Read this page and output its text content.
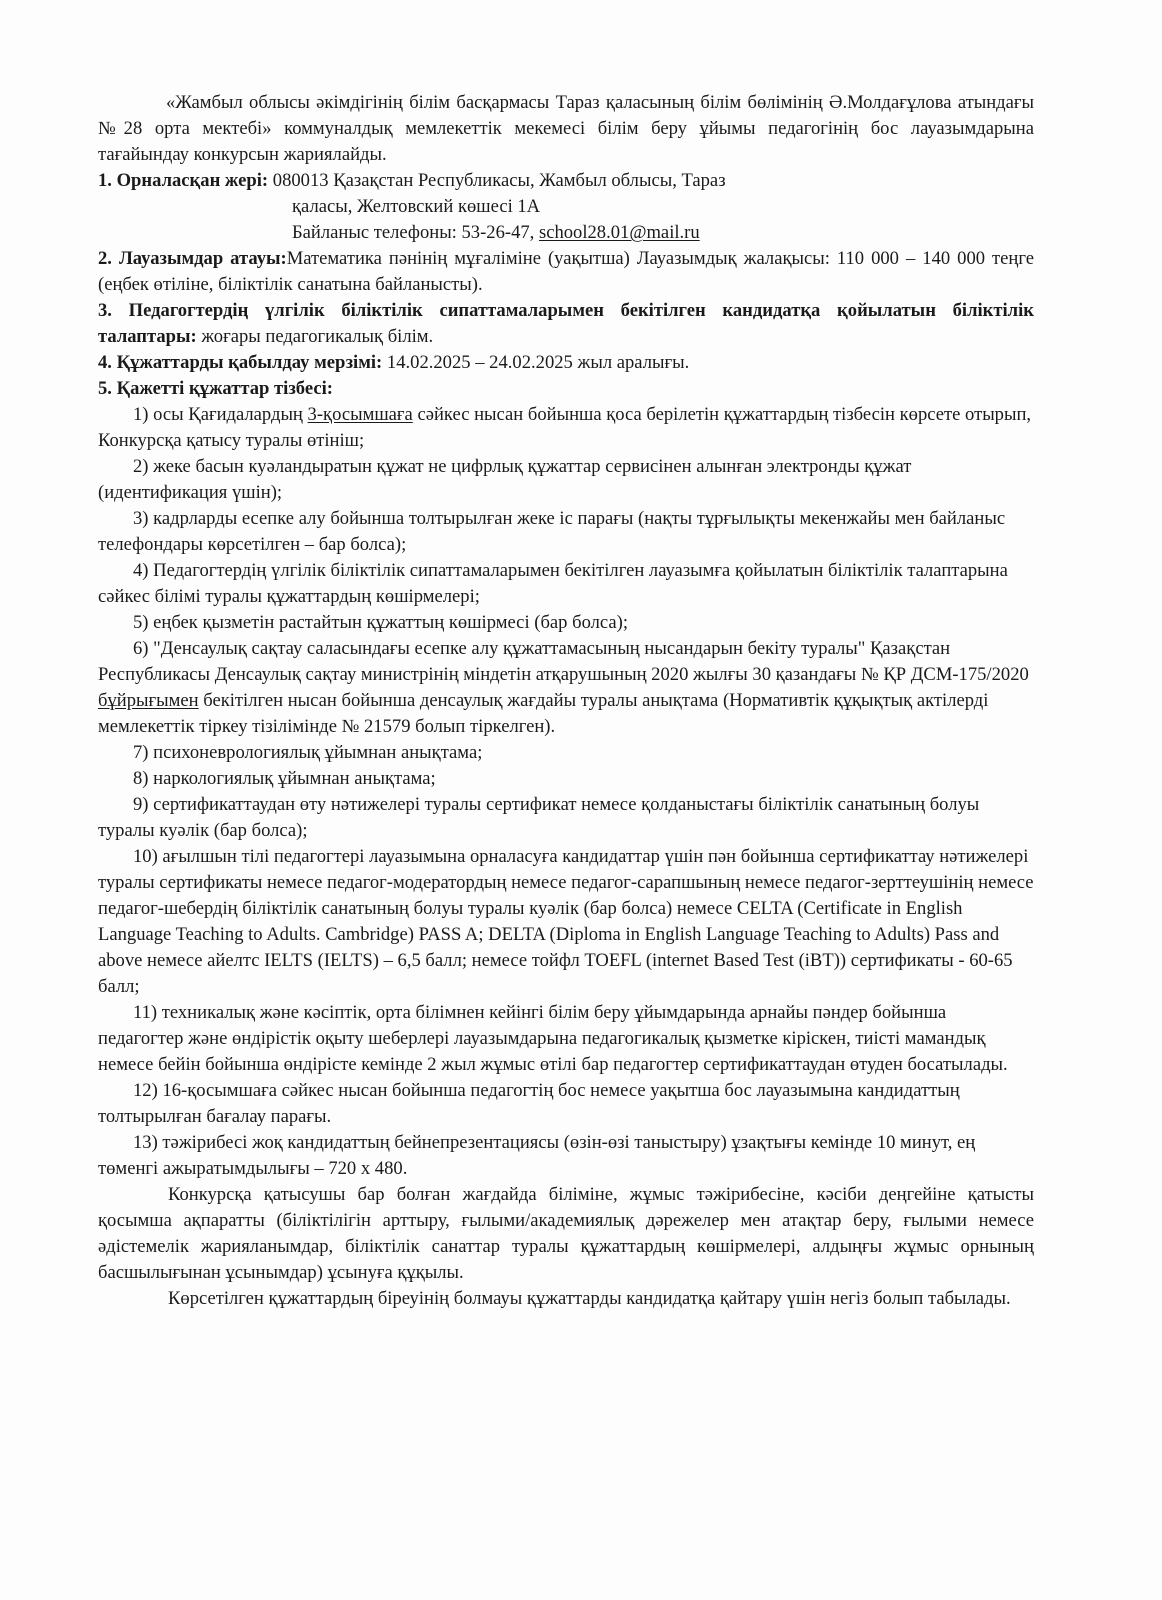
«Жамбыл облысы әкімдігінің білім басқармасы Тараз қаласының білім бөлімінің Ә.Молдағұлова атындағы №28 орта мектебі» коммуналдық мемлекеттік мекемесі білім беру ұйымы педагогінің бос лауазымдарына тағайындау конкурсын жариялайды.

1. Орналасқан жері: 080013 Қазақстан Республикасы, Жамбыл облысы, Тараз

қаласы, Желтовский көшесі 1А

Байланыс телефоны: 53-26-47, school28.01@mail.ru

2. Лауазымдар атауы:Математика пәнінің мұғаліміне (уақытша) Лауазымдық жалақысы: 110 000 – 140 000 теңге (еңбек өтіліне, біліктілік санатына байланысты).

3. Педагогтердің үлгілік біліктілік сипаттамаларымен бекітілген кандидатқа қойылатын біліктілік талаптары: жоғары педагогикалық білім.

4. Құжаттарды қабылдау мерзімі: 14.02.2025 – 24.02.2025 жыл аралығы.

5. Қажетті құжаттар тізбесі:

1) осы Қағидалардың 3-қосымшаға сәйкес нысан бойынша қоса берілетін құжаттардың тізбесін көрсете отырып, Конкурсқа қатысу туралы өтініш;

2) жеке басын куәландыратын құжат не цифрлық құжаттар сервисінен алынған электронды құжат (идентификация үшін);

3) кадрларды есепке алу бойынша толтырылған жеке іс парағы (нақты тұрғылықты мекенжайы мен байланыс телефондары көрсетілген – бар болса);

4) Педагогтердің үлгілік біліктілік сипаттамаларымен бекітілген лауазымға қойылатын біліктілік талаптарына сәйкес білімі туралы құжаттардың көшірмелері;

5) еңбек қызметін растайтын құжаттың көшірмесі (бар болса);

6) "Денсаулық сақтау саласындағы есепке алу құжаттамасының нысандарын бекіту туралы" Қазақстан Республикасы Денсаулық сақтау министрінің міндетін атқарушының 2020 жылғы 30 қазандағы № ҚР ДСМ-175/2020 бұйрығымен бекітілген нысан бойынша денсаулық жағдайы туралы анықтама (Нормативтік құқықтық актілерді мемлекеттік тіркеу тізілімінде № 21579 болып тіркелген).

7) психоневрологиялық ұйымнан анықтама;

8) наркологиялық ұйымнан анықтама;

9) сертификаттаудан өту нәтижелері туралы сертификат немесе қолданыстағы біліктілік санатының болуы туралы куәлік (бар болса);

10) ағылшын тілі педагогтері лауазымына орналасуға кандидаттар үшін пән бойынша сертификаттау нәтижелері туралы сертификаты немесе педагог-модератордың немесе педагог-сарапшының немесе педагог-зерттеушінің немесе педагог-шебердің біліктілік санатының болуы туралы куәлік (бар болса) немесе CELTA (Certificate in English Language Teaching to Adults. Cambridge) PASS A; DELTA (Diploma in English Language Teaching to Adults) Pass and above немесе айелтс IELTS (IELTS) – 6,5 балл; немесе тойфл TOEFL (internet Based Test (iBT)) сертификаты - 60-65 балл;

11) техникалық және кәсіптік, орта білімнен кейінгі білім беру ұйымдарында арнайы пәндер бойынша педагогтер және өндірістік оқыту шеберлері лауазымдарына педагогикалық қызметке кіріскен, тиісті мамандық немесе бейін бойынша өндірісте кемінде 2 жыл жұмыс өтілі бар педагогтер сертификаттаудан өтуден босатылады.

12) 16-қосымшаға сәйкес нысан бойынша педагогтің бос немесе уақытша бос лауазымына кандидаттың толтырылған бағалау парағы.

13) тәжірибесі жоқ кандидаттың бейнепрезентациясы (өзін-өзі таныстыру) ұзақтығы кемінде 10 минут, ең төменгі ажыратымдылығы – 720 х 480.

Конкурсқа қатысушы бар болған жағдайда біліміне, жұмыс тәжірибесіне, кәсіби деңгейіне қатысты қосымша ақпаратты (біліктілігін арттыру, ғылыми/академиялық дәрежелер мен атақтар беру, ғылыми немесе әдістемелік жарияланымдар, біліктілік санаттар туралы құжаттардың көшірмелері, алдыңғы жұмыс орнының басшылығынан ұсынымдар) ұсынуға құқылы.

Көрсетілген құжаттардың біреуінің болмауы құжаттарды кандидатқа қайтару үшін негіз болып табылады.
